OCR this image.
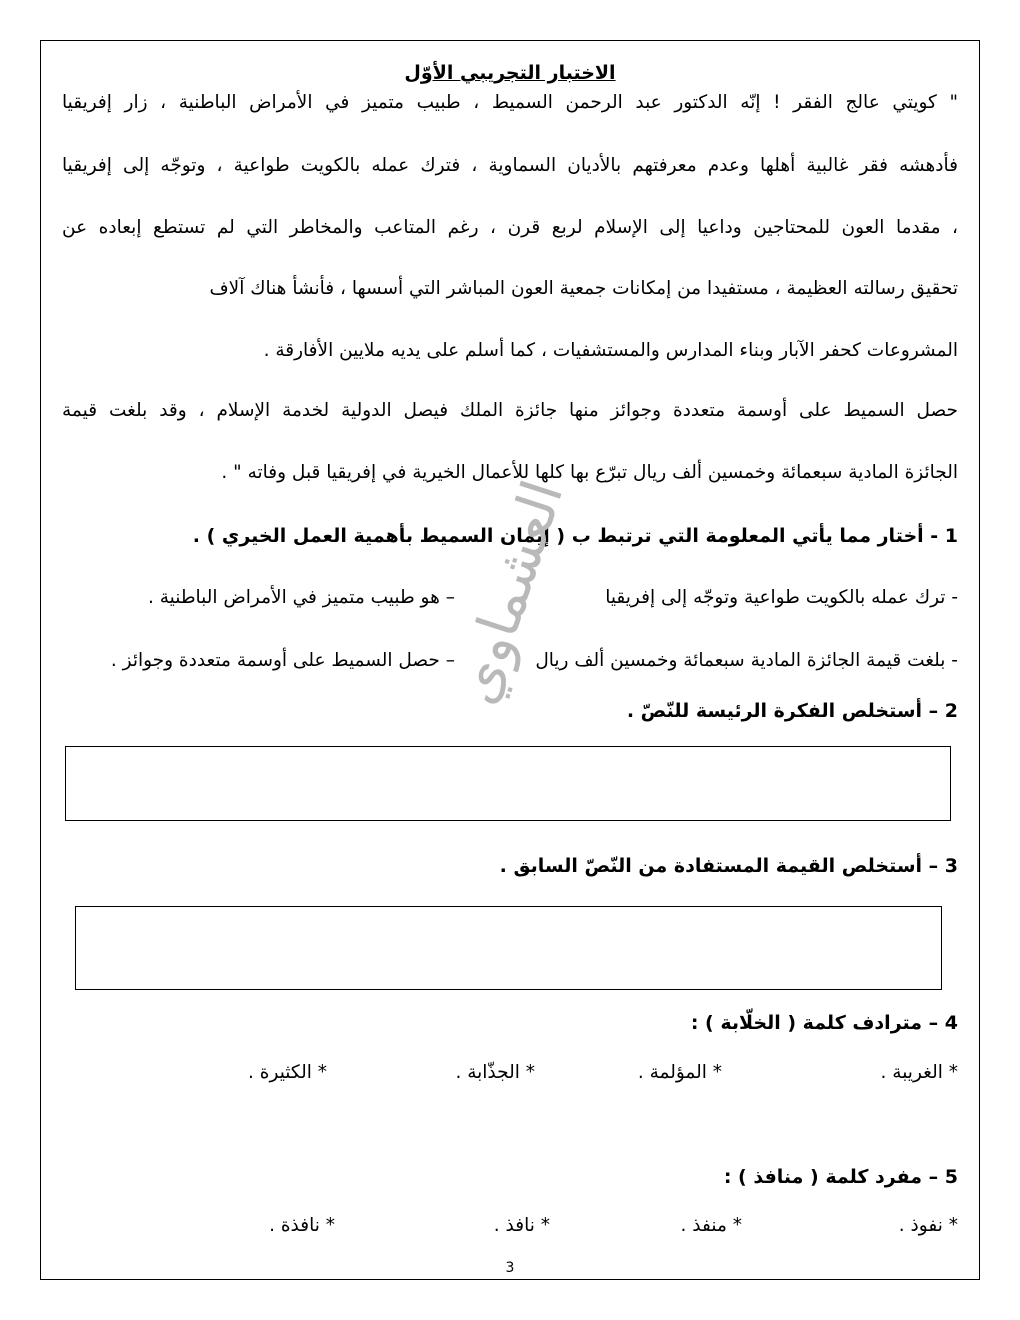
الاختبار التجريبي الأوّل
" كويتي عالج الفقر ! إنّه الدكتور عبد الرحمن السميط ، طبيب متميز في الأمراض الباطنية ، زار إفريقيا
فأدهشه فقر غالبية أهلها وعدم معرفتهم بالأديان السماوية ، فترك عمله بالكويت طواعية ، وتوجّه إلى إفريقيا
، مقدما العون للمحتاجين وداعيا إلى الإسلام لربع قرن ، رغم المتاعب والمخاطر التي لم تستطع إبعاده عن
تحقيق رسالته العظيمة ، مستفيدا من إمكانات جمعية العون المباشر التي أسسها ، فأنشأ هناك آلاف
المشروعات كحفر الآبار وبناء المدارس والمستشفيات ، كما أسلم على يديه ملايين الأفارقة .
حصل السميط على أوسمة متعددة وجوائز منها جائزة الملك فيصل الدولية لخدمة الإسلام ، وقد بلغت قيمة
الجائزة المادية سبعمائة وخمسين ألف ريال تبرّع بها كلها للأعمال الخيرية في إفريقيا قبل وفاته " .
1 - أختار مما يأتي المعلومة التي ترتبط ب ( إيمان السميط بأهمية العمل الخيري ) .
- ترك عمله بالكويت طواعية وتوجّه إلى إفريقيا
– هو طبيب متميز في الأمراض الباطنية .
- بلغت قيمة الجائزة المادية سبعمائة وخمسين ألف ريال
– حصل السميط على أوسمة متعددة وجوائز .
2 – أستخلص الفكرة الرئيسة للنّصّ .
3 – أستخلص القيمة المستفادة من النّصّ السابق .
4 – مترادف كلمة ( الخلّابة ) :
* الغريبة .
* المؤلمة .
* الجذّابة .
* الكثيرة .
5 – مفرد كلمة ( منافذ ) :
* نفوذ .
* منفذ .
* نافذ .
* نافذة .
العشماوي
3
